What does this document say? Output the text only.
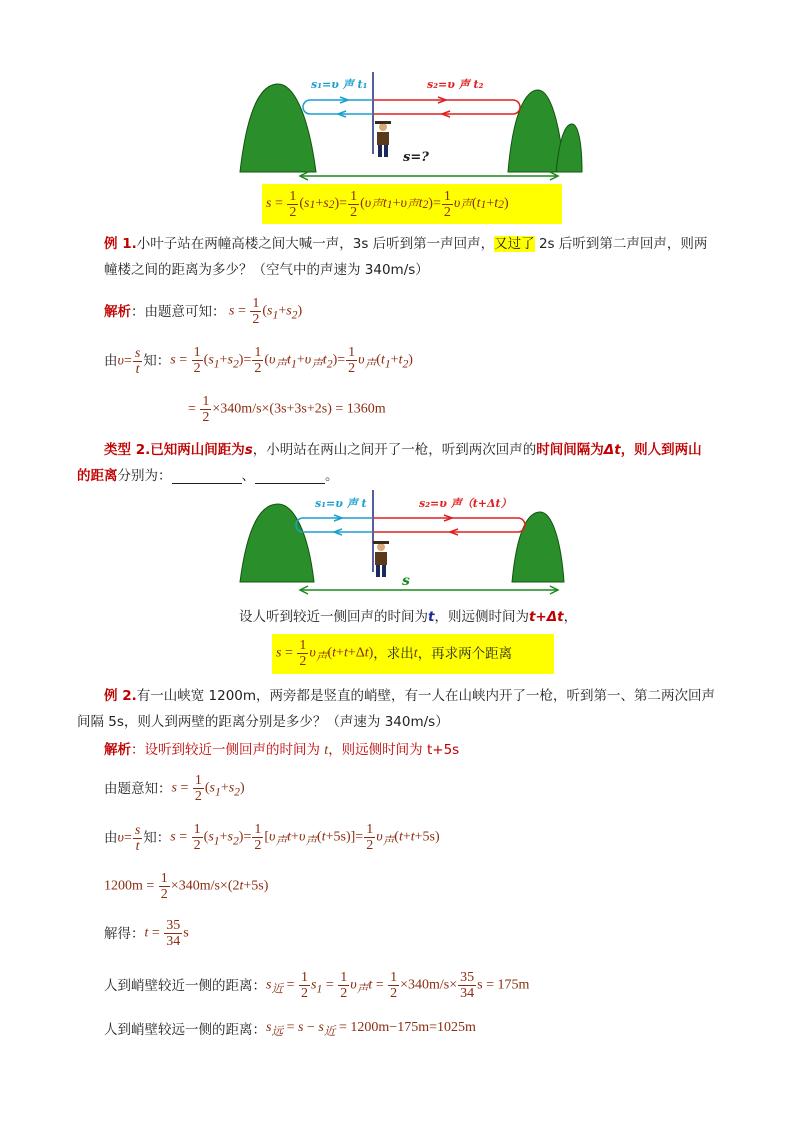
s₁=υ 声 t₁	s₂=υ 声 t₂
s=?
$s = \frac{1}{2}$ ( s 1 + s 2 )= $\frac{1}{2}$ ( υ 声 t 1 + υ 声 t 2 )= $\frac{1}{2}$ υ 声 ( t 1 + t 2 )
例 1.小叶子站在两幢高楼之间大喊一声，3s 后听到第一声回声，又过了 2s 后听到第二声回声，则两
幢楼之间的距离为多少？（空气中的声速为 340m/s）
解析 ：由题意可知： $s = \frac{1}{2} (s_1+s_2)$
由 $\upsilon= \frac{s}{t}$ 知： $s = \frac{1}{2} (s_1+s_2)= \frac{1}{2} (\upsilon_声t_1+\upsilon_声t_2)= \frac{1}{2} \upsilon_声(t_1+t_2)$
= $\frac{1}{2} \times 340m/s\times(3s+3s+2s) = 1360m$
类型 2.已知两山间距为s，小明站在两山之间开了一枪，听到两次回声的时间间隔为Δt，则人到两山
的距离分别为：	、	。
s₁=υ 声 t	s₂=υ 声（t+Δt）
s
设人听到较近一侧回声的时间为t，则远侧时间为t+Δt，
$s = \frac{1}{2} \upsilon_声(t+t+\Delta t)$ ，求出 t ，再求两个距离
例 2.有一山峡宽 1200m，两旁都是竖直的峭壁，有一人在山峡内开了一枪，听到第一、第二两次回声
间隔 5s，则人到两壁的距离分别是多少？（声速为 340m/s）
解析：设听到较近一侧回声的时间为 t，则远侧时间为 t+5s
由题意知： $s = \frac{1}{2} (s_1+s_2)$
由 $\upsilon= \frac{s}{t}$ 知： $s = \frac{1}{2} (s_1+s_2)= \frac{1}{2} [\upsilon_声t+\upsilon_声(t+5s)]= \frac{1}{2} \upsilon_声(t+t+5s)$
$1200m = \frac{1}{2} \times 340m/s\times(2t+5s)$
解得： $t = \frac{35}{34}$ s
人到峭壁较近一侧的距离： $s_近 = \frac{1}{2} s_1 = \frac{1}{2} \upsilon_声t = \frac{1}{2} \times 340m/s\times \frac{35}{34}$ s = 175m
人到峭壁较远一侧的距离： $s_远 = s - s_近 = 1200m-175m=1025m$
